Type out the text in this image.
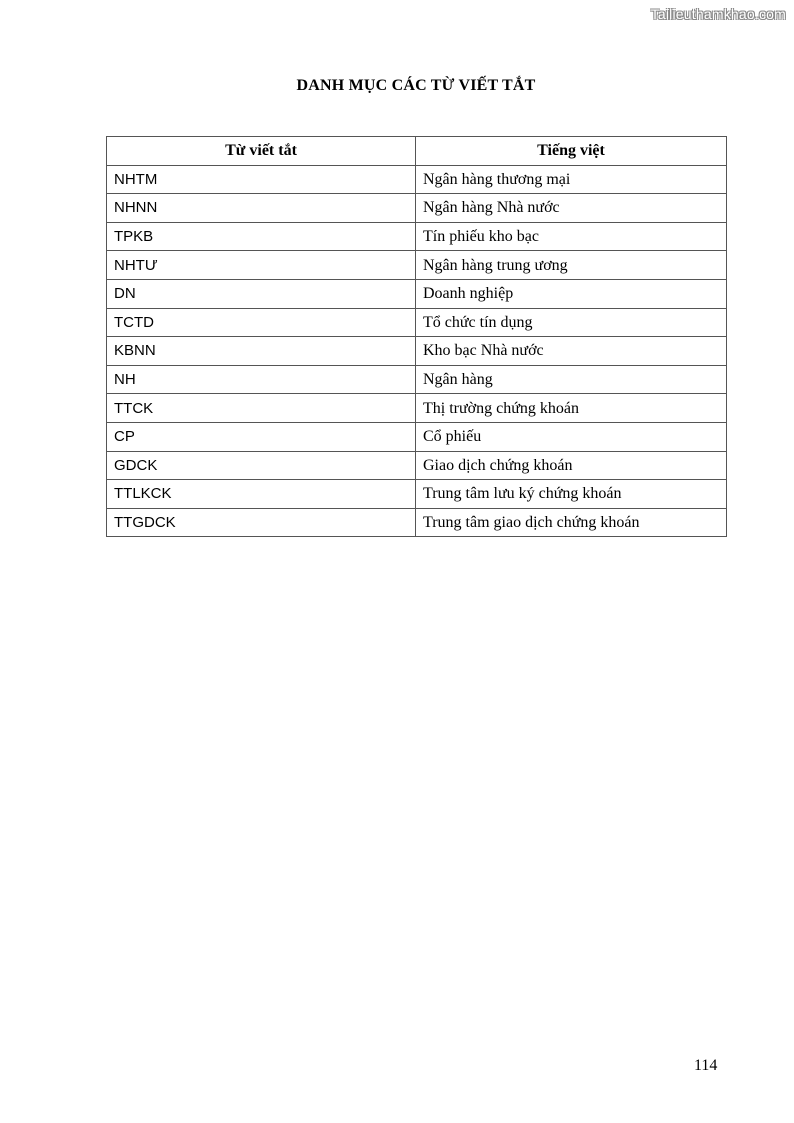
Tailieuthamkhao.com
DANH MỤC CÁC TỪ VIẾT TẮT
Từ viết tắt	Tiếng việt
NHTM	Ngân hàng thương mại
NHNN	Ngân hàng Nhà nước
TPKB	Tín phiếu kho bạc
NHTƯ	Ngân hàng trung ương
DN	Doanh nghiệp
TCTD	Tổ chức tín dụng
KBNN	Kho bạc Nhà nước
NH	Ngân hàng
TTCK	Thị trường chứng khoán
CP	Cổ phiếu
GDCK	Giao dịch chứng khoán
TTLKCK	Trung tâm lưu ký chứng khoán
TTGDCK	Trung tâm giao dịch chứng khoán
114
